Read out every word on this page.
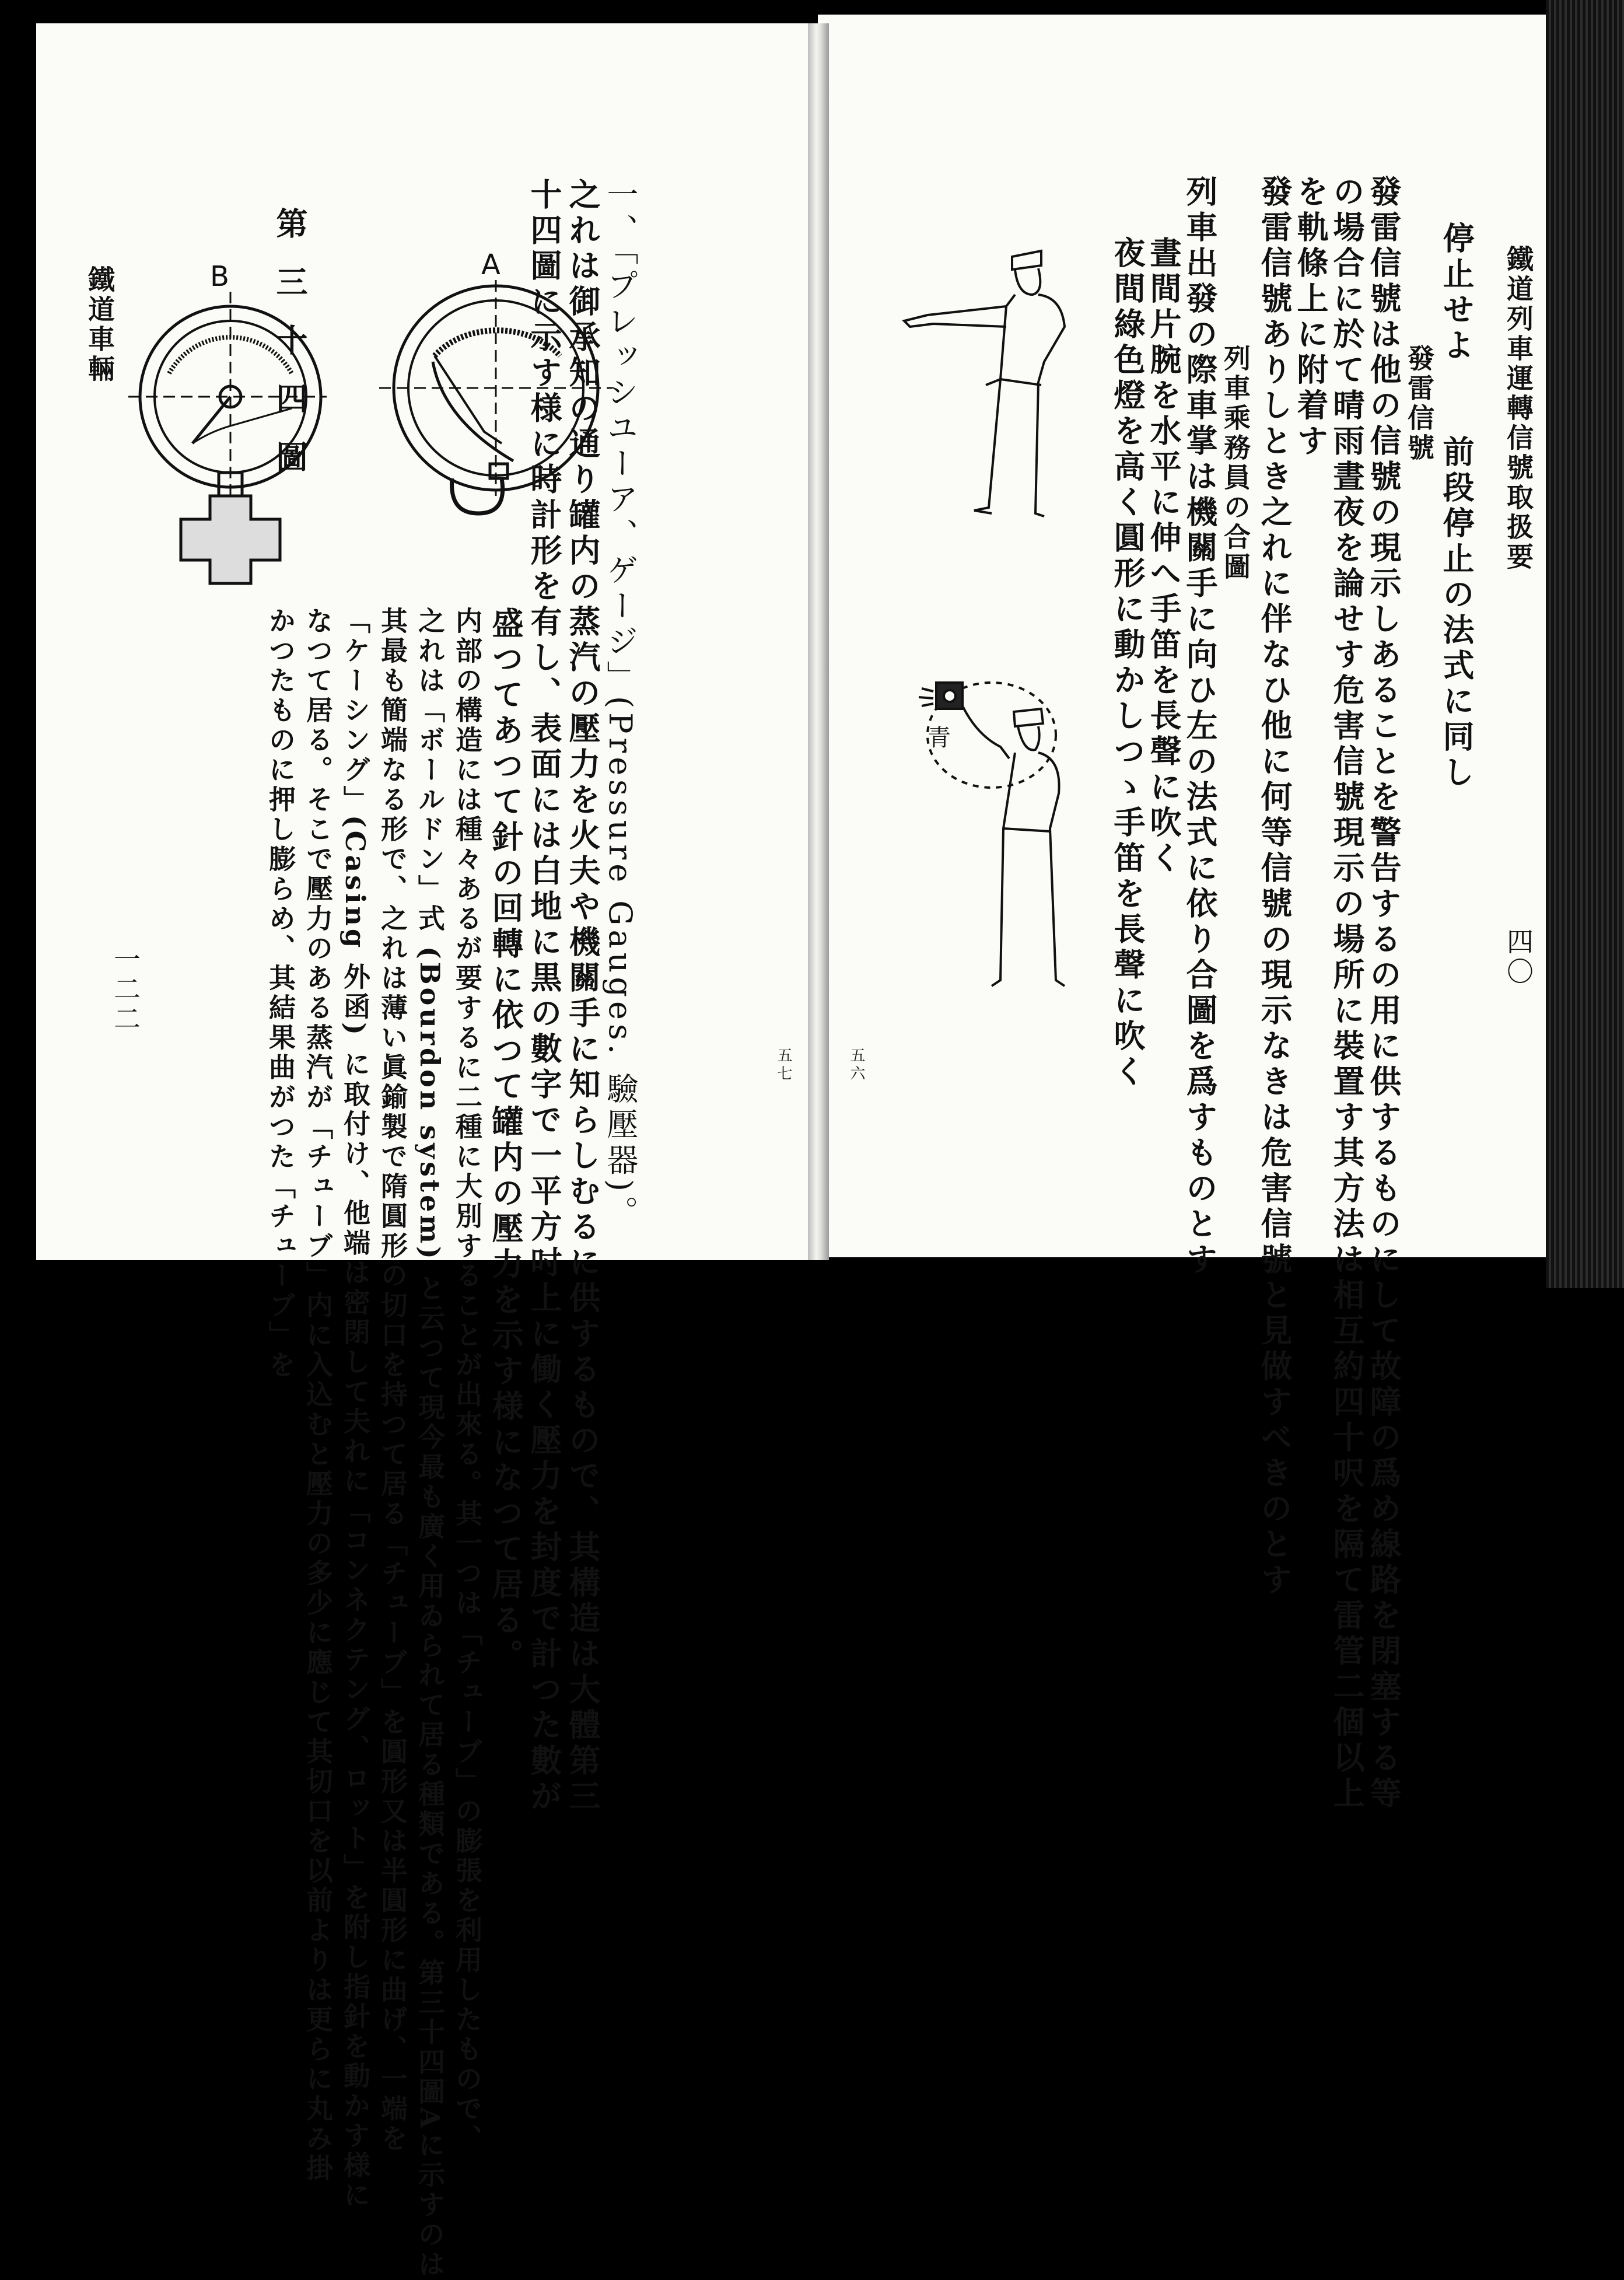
鐵道車輛
一二二
第三十四圖	一、「プレッシユーア、ゲージ」(Pressure Gauges. 驗壓器)。
之れは御承知の通り罐内の蒸汽の壓力を火夫や機關手に知らしむるに供するもので、其構造は大體第三
十四圖に示す様に時計形を有し、表面には白地に黒の數字で一平方吋上に働く壓力を封度で計つた數が
盛つてあつて針の回轉に依つて罐内の壓力を示す様になつて居る。
内部の構造には種々あるが要するに二種に大別することが出來る。其一つは「チューブ」の膨張を利用したもので、
之れは「ボールドン」式 (Bourdon system) と云つて現今最も廣く用ゐられて居る種類である。第三十四圖Aに示すのは
其最も簡端なる形で、之れは薄い眞鍮製で隋圓形の切口を持つて居る「チューブ」を圓形又は半圓形に曲げ、一端を
「ケーシング」(Casing 外函) に取付け、他端は密閉して夫れに「コンネクテング、ロット」を附し指針を動かす様に
なつて居る。そこで壓力のある蒸汽が「チューブ」内に入込むと壓力の多少に應じて其切口を以前よりは更らに丸み掛
かつたものに押し膨らめ、其結果曲がつた「チューブ」を	五七
B	A	鐵道列車運轉信號取扱要
四〇
停止せよ　　前段停止の法式に同し
發雷信號
發雷信號は他の信號の現示しあることを警告するの用に供するものにして故障の爲め線路を閉塞する等
の場合に於て晴雨晝夜を論せす危害信號現示の場所に裝置す其方法は相互約四十呎を隔て雷管二個以上
を軌條上に附着す
發雷信號ありしとき之れに伴なひ他に何等信號の現示なきは危害信號と見做すべきのとす
列車乘務員の合圖
列車出發の際車掌は機關手に向ひ左の法式に依り合圖を爲すものとす
晝間片腕を水平に伸へ手笛を長聲に吹く
夜間綠色燈を高く圓形に動かしつゝ手笛を長聲に吹く
五六
青
